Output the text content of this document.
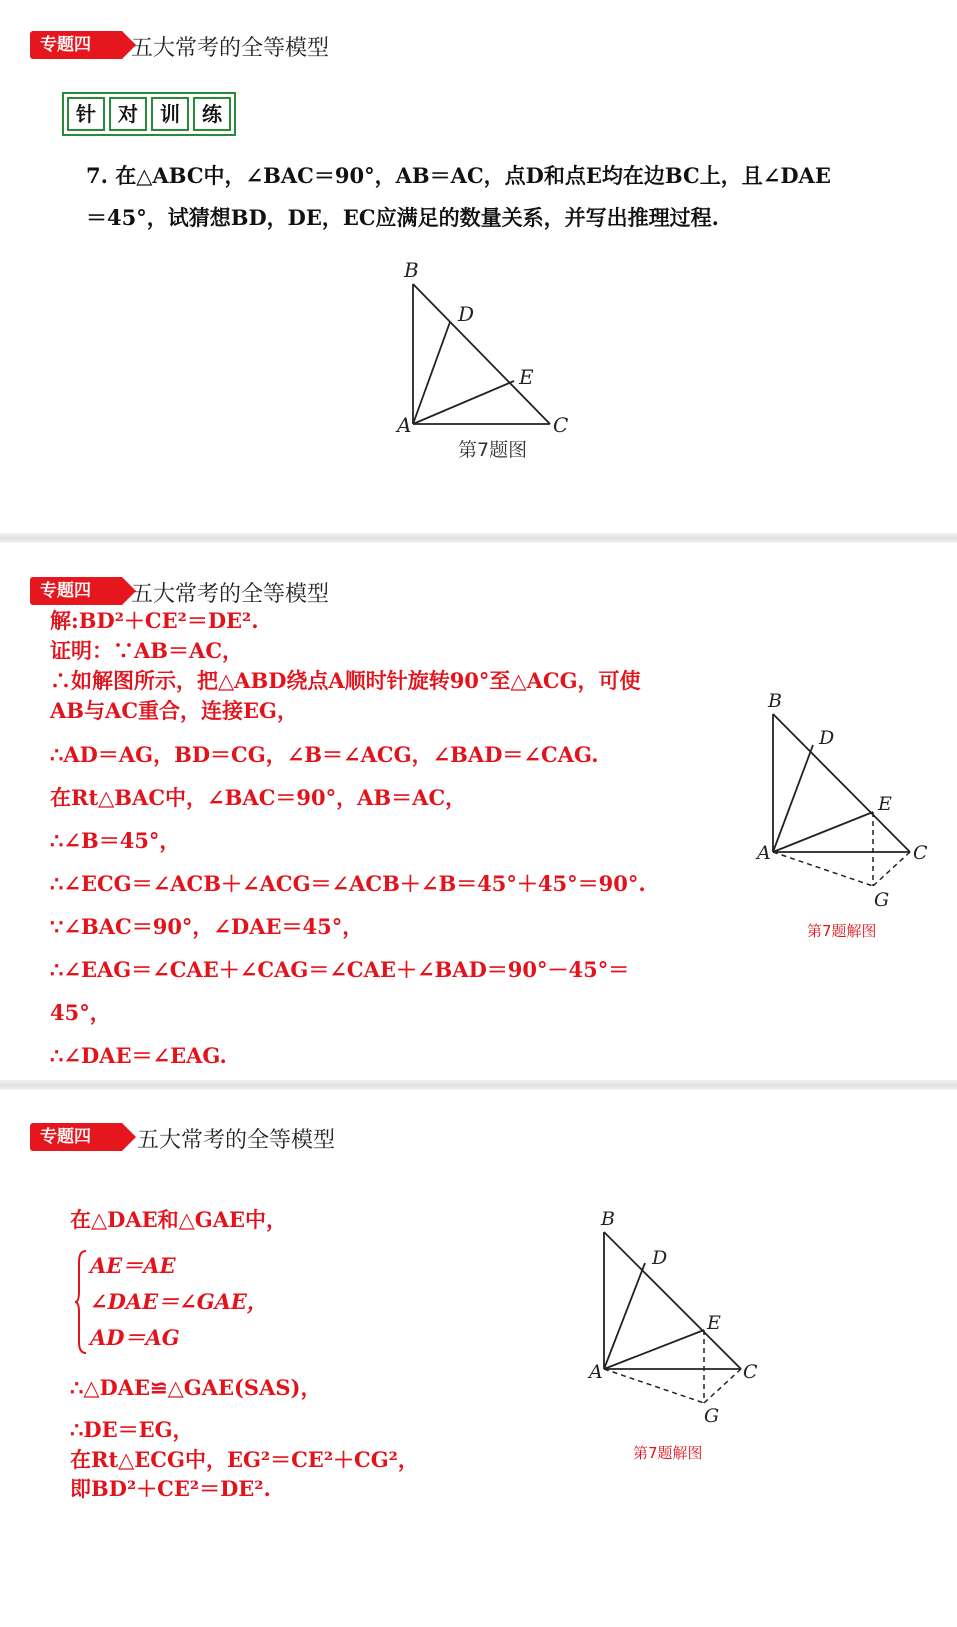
专题四	五大常考的全等模型
针	对	训	练
7. 在△ABC中，∠BAC＝90°，AB＝AC，点D和点E均在边BC上，且∠DAE
＝45°，试猜想BD，DE，EC应满足的数量关系，并写出推理过程.
B
D
E
A	C
第7题图
专题四	五大常考的全等模型
解:BD²＋CE²＝DE².
证明：∵AB＝AC，
∴如解图所示，把△ABD绕点A顺时针旋转90°至△ACG，可使
AB与AC重合，连接EG，
∴AD＝AG，BD＝CG，∠B＝∠ACG，∠BAD＝∠CAG.
在Rt△BAC中，∠BAC＝90°，AB＝AC，
∴∠B＝45°，
∴∠ECG＝∠ACB＋∠ACG＝∠ACB＋∠B＝45°＋45°＝90°.
∵∠BAC＝90°，∠DAE＝45°，
∴∠EAG＝∠CAE＋∠CAG＝∠CAE＋∠BAD＝90°－45°＝
45°，
∴∠DAE＝∠EAG.
B
D
E
A	C
G
第7题解图
专题四	五大常考的全等模型
在△DAE和△GAE中，
AE＝AE
∠DAE＝∠GAE，
AD＝AG
∴△DAE≌△GAE(SAS)，
∴DE＝EG，
在Rt△ECG中，EG²＝CE²＋CG²，
即BD²＋CE²＝DE².
B
D
E
A	C
G
第7题解图
